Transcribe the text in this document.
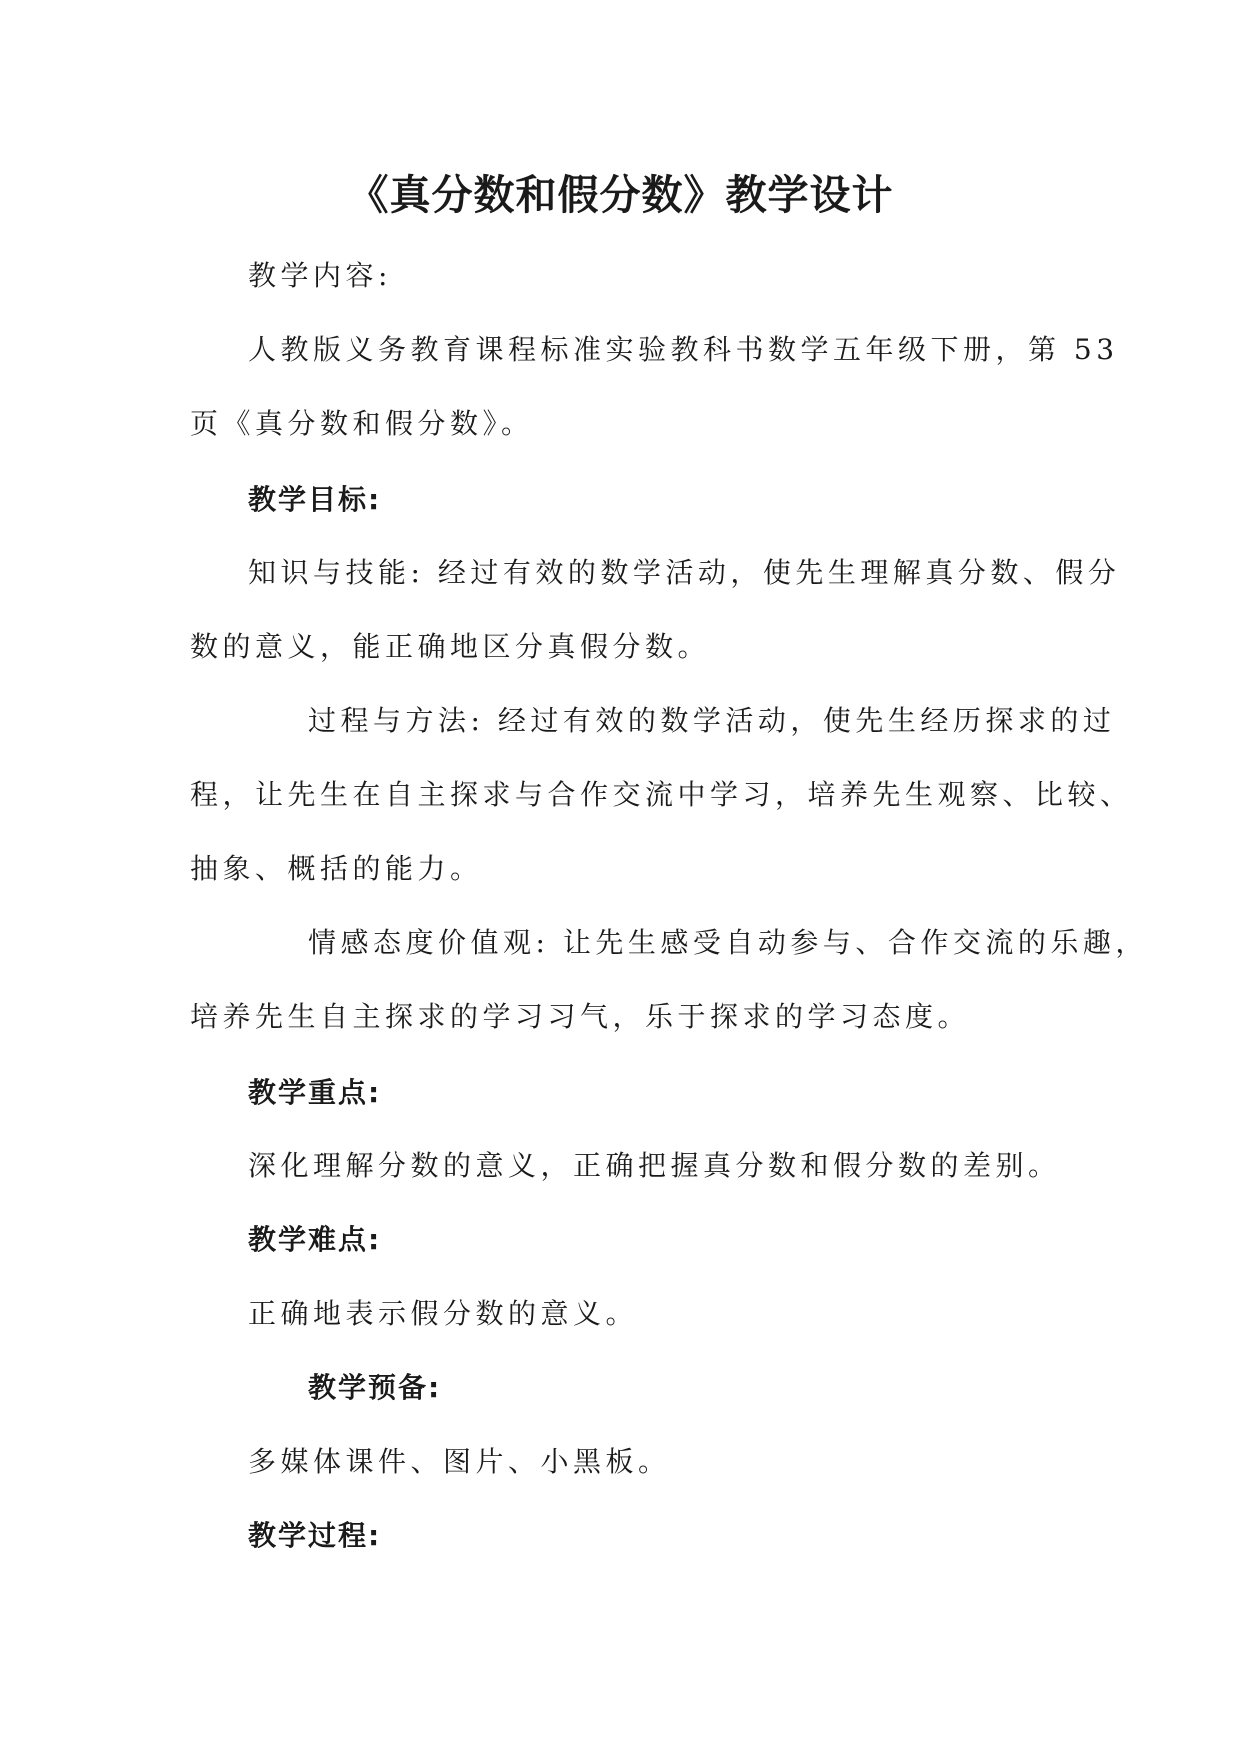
《真分数和假分数》教学设计
教学内容:
人教版义务教育课程标准实验教科书数学五年级下册，第 53
页《真分数和假分数》。
教学目标:
知识与技能: 经过有效的数学活动，使先生理解真分数、假分
数的意义，能正确地区分真假分数。
过程与方法: 经过有效的数学活动，使先生经历探求的过
程，让先生在自主探求与合作交流中学习，培养先生观察、比较、
抽象、概括的能力。
情感态度价值观: 让先生感受自动参与、合作交流的乐趣，
培养先生自主探求的学习习气，乐于探求的学习态度。
教学重点:
深化理解分数的意义，正确把握真分数和假分数的差别。
教学难点:
正确地表示假分数的意义。
教学预备:
多媒体课件、图片、小黑板。
教学过程:
